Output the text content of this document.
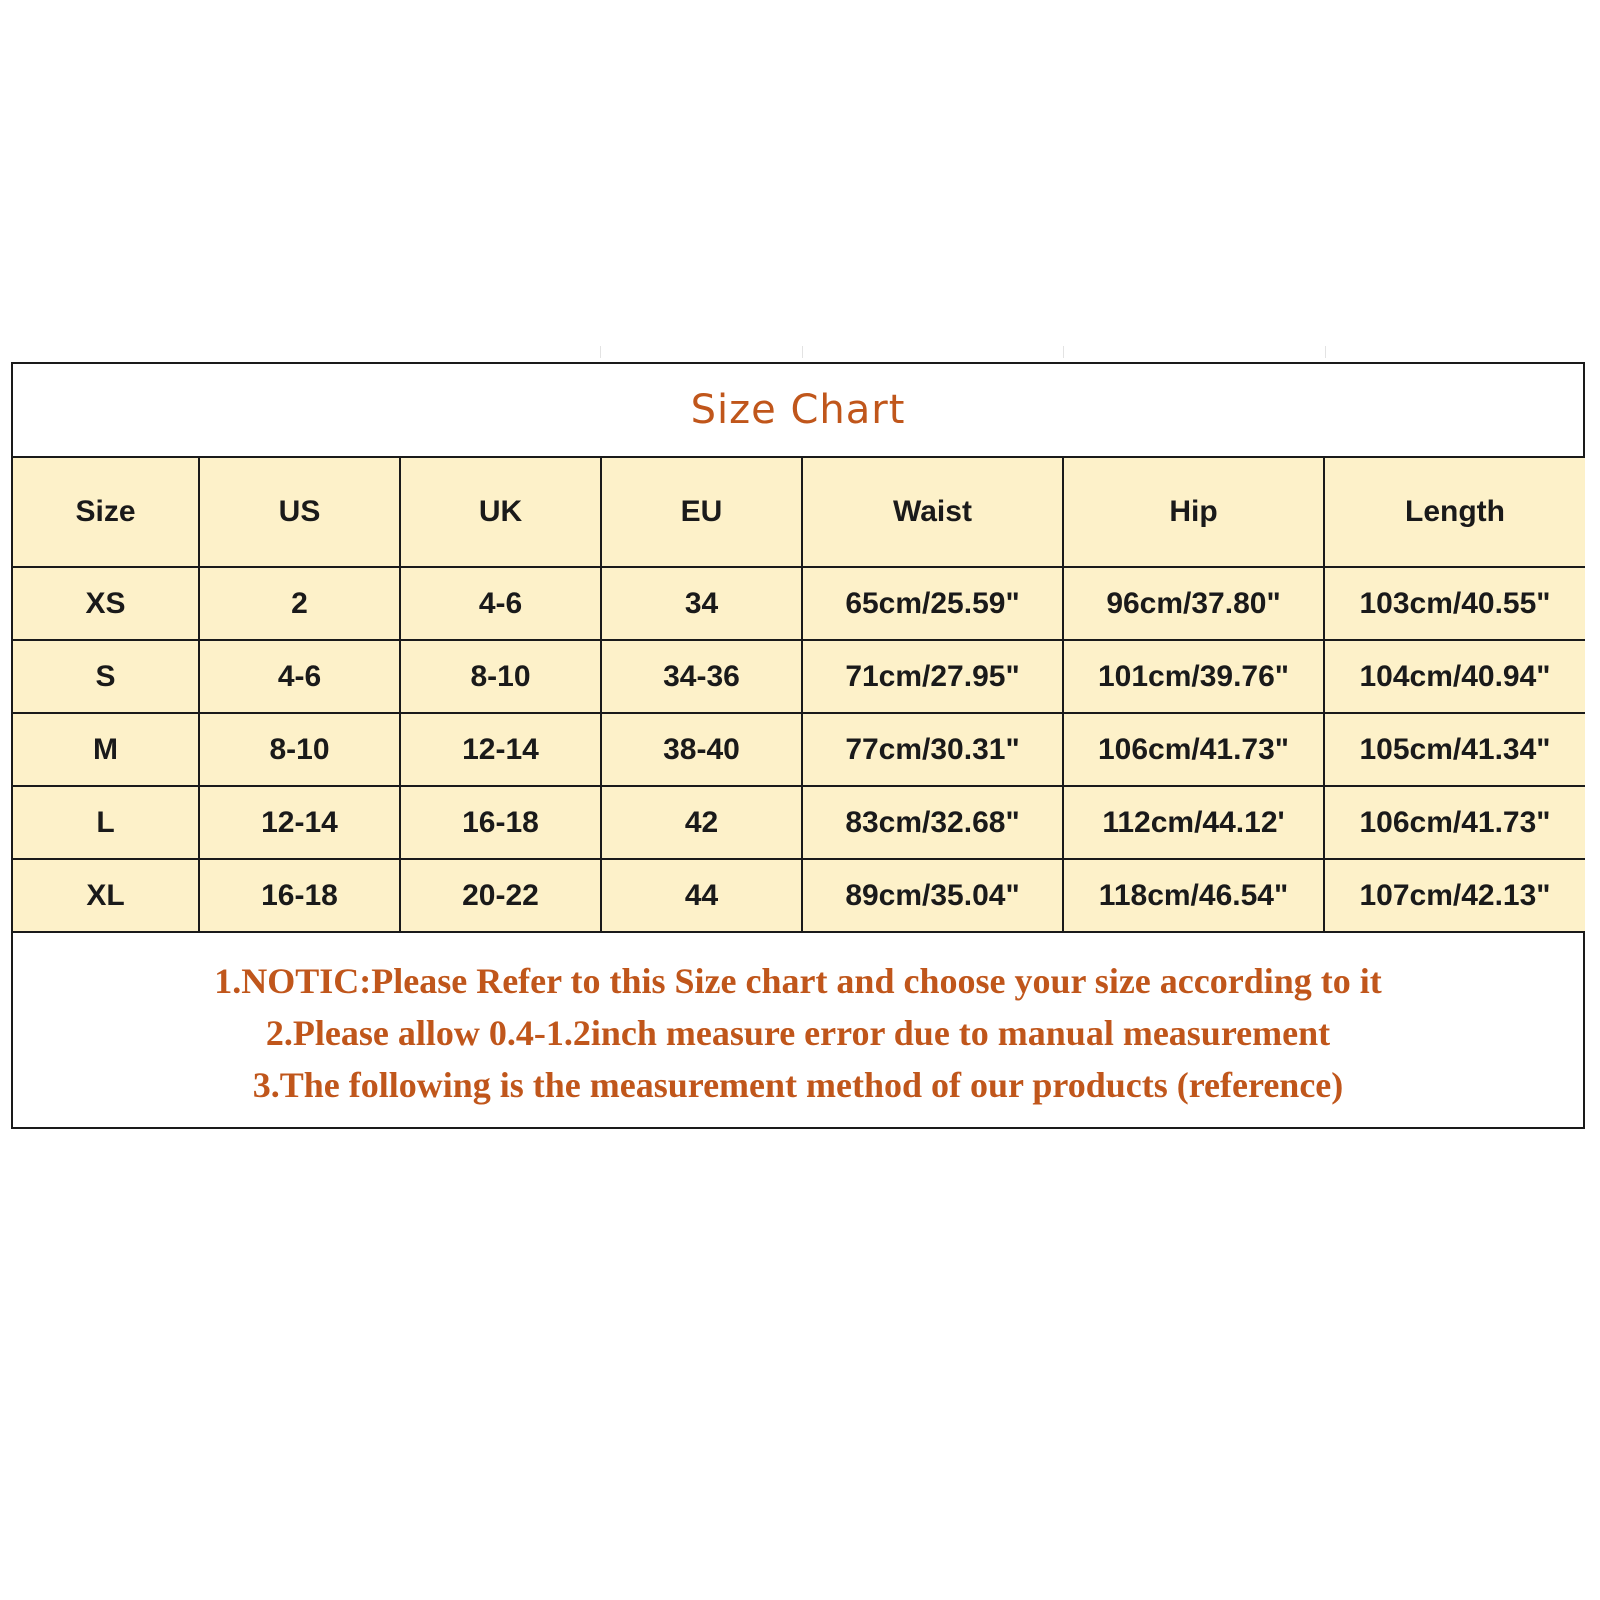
Size Chart
Size	US	UK	EU	Waist	Hip	Length
XS	2	4-6	34	65cm/25.59"	96cm/37.80"	103cm/40.55"
S	4-6	8-10	34-36	71cm/27.95"	101cm/39.76"	104cm/40.94"
M	8-10	12-14	38-40	77cm/30.31"	106cm/41.73"	105cm/41.34"
L	12-14	16-18	42	83cm/32.68"	112cm/44.12'	106cm/41.73"
XL	16-18	20-22	44	89cm/35.04"	118cm/46.54"	107cm/42.13"
1.NOTIC:Please Refer to this Size chart and choose your size according to it
2.Please allow 0.4-1.2inch measure error due to manual measurement
3.The following is the measurement method of our products (reference)
